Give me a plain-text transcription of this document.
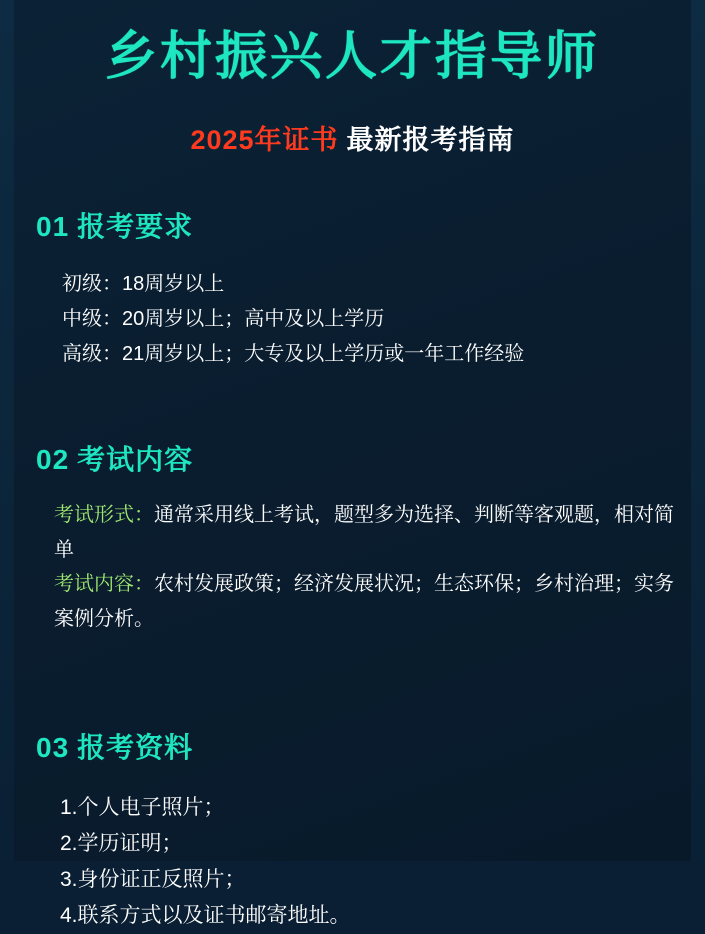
乡村振兴人才指导师
2025年证书 最新报考指南
01 报考要求
初级：18周岁以上
中级：20周岁以上；高中及以上学历
高级：21周岁以上；大专及以上学历或一年工作经验
02 考试内容
考试形式：通常采用线上考试，题型多为选择、判断等客观题，相对简单
考试内容：农村发展政策；经济发展状况；生态环保；乡村治理；实务案例分析。
03 报考资料
1.个人电子照片；
2.学历证明；
3.身份证正反照片；
4.联系方式以及证书邮寄地址。
